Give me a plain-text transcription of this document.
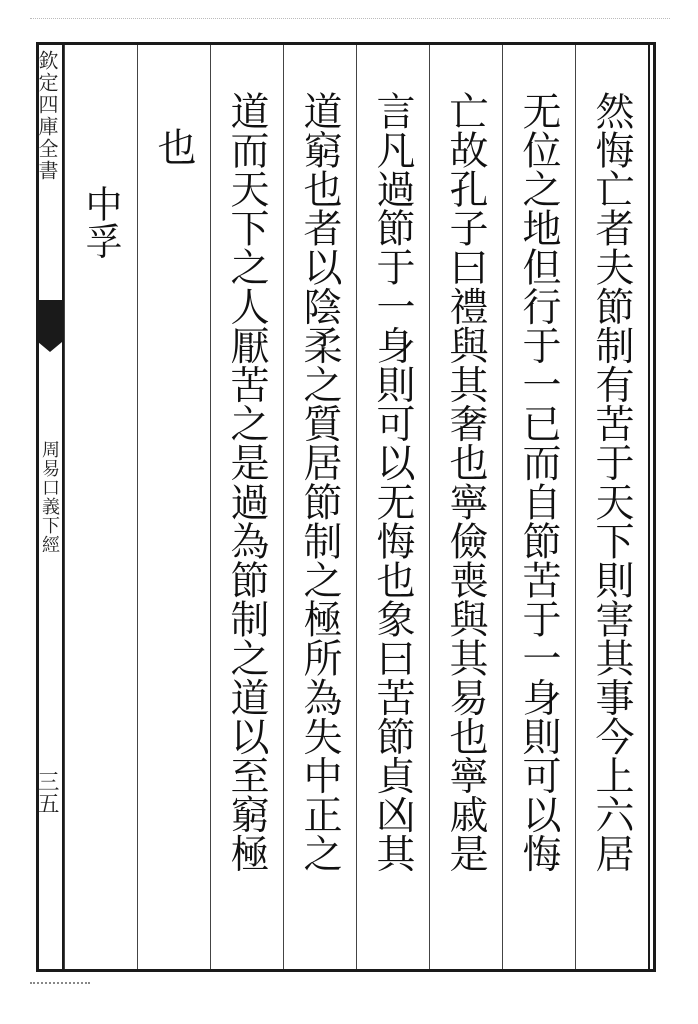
欽定四庫全書
周易口義下經
三五	然悔亡者夫節制有苦于天下則害其事今上六居
无位之地但行于一已而自節苦于一身則可以悔
亡故孔子曰禮與其奢也寧儉喪與其易也寧戚是
言凡過節于一身則可以无悔也象曰苦節貞凶其
道窮也者以陰柔之質居節制之極所為失中正之
道而天下之人厭苦之是過為節制之道以至窮極
也
中孚
